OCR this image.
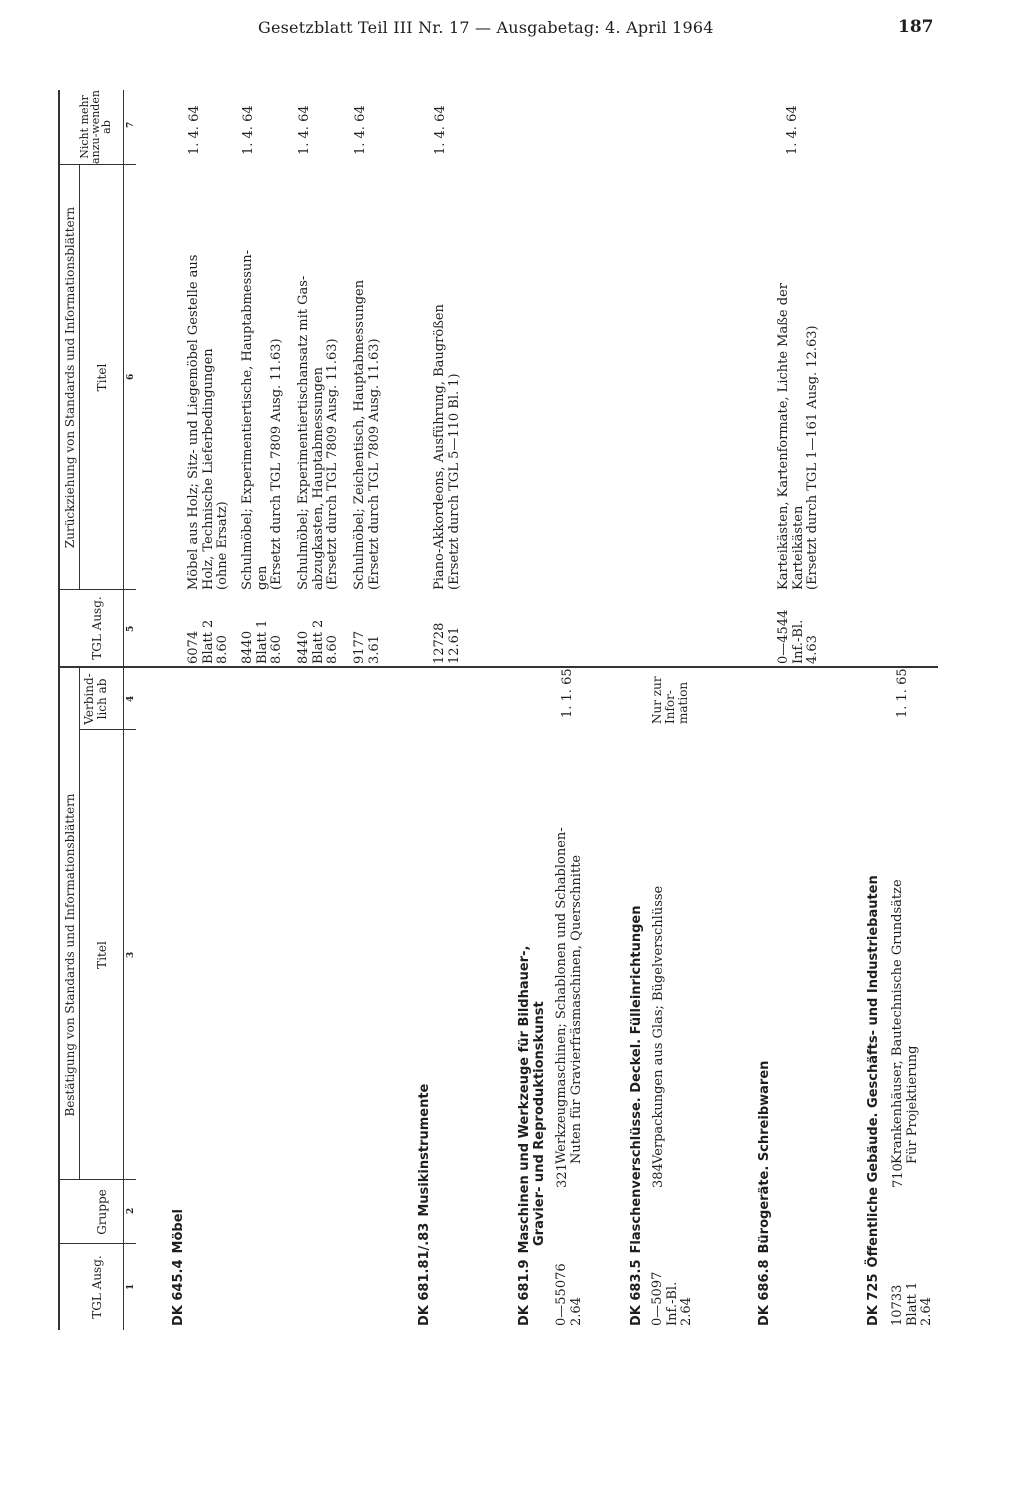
Gesetzblatt Teil III Nr. 17 — Ausgabetag: 4. April 1964	187
Bestätigung von Standards und Informationsblättern
TGL Ausg.
Gruppe
Titel
Verbind-lich ab
1
2
3
4
Zurückziehung von Standards und Informationsblättern
TGL Ausg.
Titel
Nicht mehr anzu-wenden ab
5
6
7
DK 645.4Möbel	DK 681.81/.83Musikinstrumente
DK 681.9Maschinen und Werkzeuge für Bildhauer-, Gravier- und Reproduktionskunst
DK 683.5Flaschenverschlüsse. Deckel. Fülleinrichtungen
DK 686.8Bürogeräte. Schreibwaren
DK 725Öffentliche Gebäude. Geschäfts- und Industriebauten
0—55076 2.64
321
Werkzeugmaschinen; Schablonen und Schablonen- Nuten für Gravierfräsmaschinen, Querschnitte
1. 1. 65
0—5097 Inf.-Bl. 2.64
384
Verpackungen aus Glas; Bügelverschlüsse
Nur zur Infor- mation
10733 Blatt 1 2.64
710
Krankenhäuser, Bautechnische Grundsätze Für Projektierung
1. 1. 65
6074 Blatt 2 8.60
Möbel aus Holz; Sitz- und Liegemöbel Gestelle aus Holz, Technische Lieferbedingungen (ohne Ersatz)
1. 4. 64
8440 Blatt 1 8.60
Schulmöbel; Experimentiertische, Hauptabmessun- gen (Ersetzt durch TGL 7809 Ausg. 11.63)
1. 4. 64
8440 Blatt 2 8.60
Schulmöbel; Experimentiertischansatz mit Gas- abzugkasten, Hauptabmessungen (Ersetzt durch TGL 7809 Ausg. 11.63)
1. 4. 64
9177 3.61
Schulmöbel; Zeichentisch, Hauptabmessungen (Ersetzt durch TGL 7809 Ausg. 11.63)
1. 4. 64
12728 12.61
Piano-Akkordeons, Ausführung, Baugrößen (Ersetzt durch TGL 5—110 Bl. 1)
1. 4. 64
0—4544 Inf.-Bl. 4.63
Karteikästen, Kartenformate, Lichte Maße der Karteikästen (Ersetzt durch TGL 1—161 Ausg. 12.63)
1. 4. 64
